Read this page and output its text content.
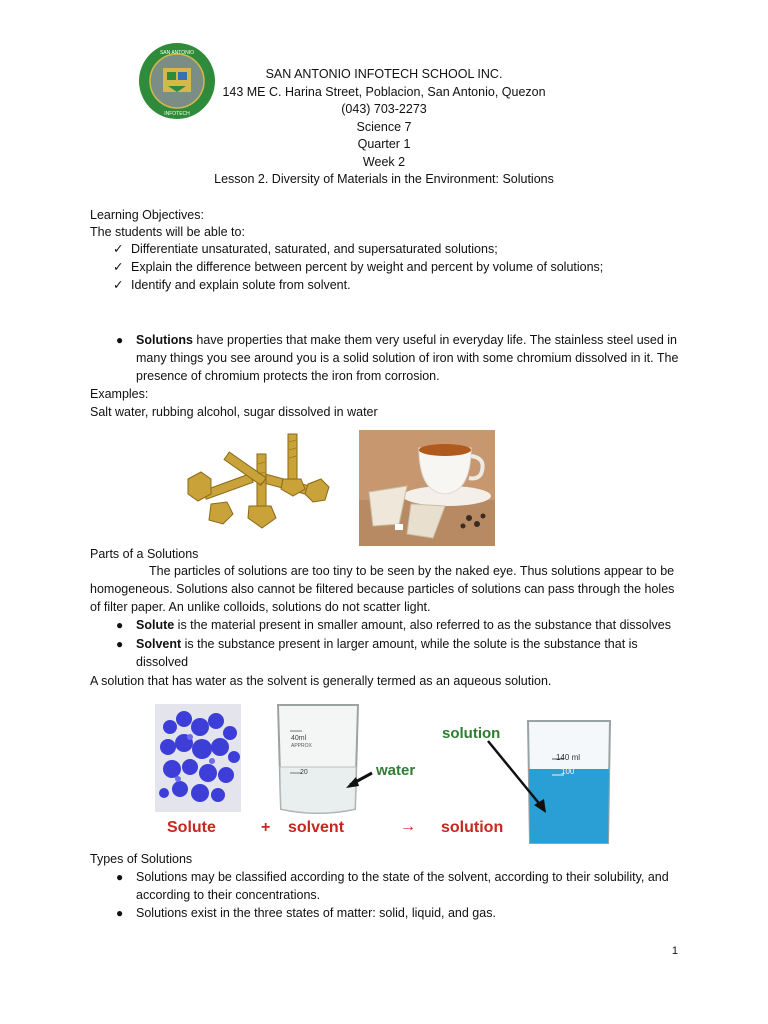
SAN ANTONIO
INFOTECH
SAN ANTONIO INFOTECH SCHOOL INC.
143 ME C. Harina Street, Poblacion, San Antonio, Quezon
(043) 703-2273
Science 7
Quarter 1
Week 2
Lesson 2. Diversity of Materials in the Environment: Solutions
Learning Objectives:
The students will be able to:
✓ Differentiate unsaturated, saturated, and supersaturated solutions;
✓ Explain the difference between percent by weight and percent by volume of solutions;
✓ Identify and explain solute from solvent.
● Solutions have properties that make them very useful in everyday life. The stainless steel used in
many things you see around you is a solid solution of iron with some chromium dissolved in it. The
presence of chromium protects the iron from corrosion.
Examples:
Salt water, rubbing alcohol, sugar dissolved in water
Parts of a Solutions
The particles of solutions are too tiny to be seen by the naked eye. Thus solutions appear to be
homogeneous. Solutions also cannot be filtered because particles of solutions can pass through the holes
of filter paper. An unlike colloids, solutions do not scatter light.
● Solute is the material present in smaller amount, also referred to as the substance that dissolves
● Solvent is the substance present in larger amount, while the solute is the substance that is
dissolved
A solution that has water as the solvent is generally termed as an aqueous solution.
40ml
APPROX
20
140 ml
100
water
solution
Solute	+ solvent	→ solution
Types of Solutions
● Solutions may be classified according to the state of the solvent, according to their solubility, and
according to their concentrations.
● Solutions exist in the three states of matter: solid, liquid, and gas.
1
